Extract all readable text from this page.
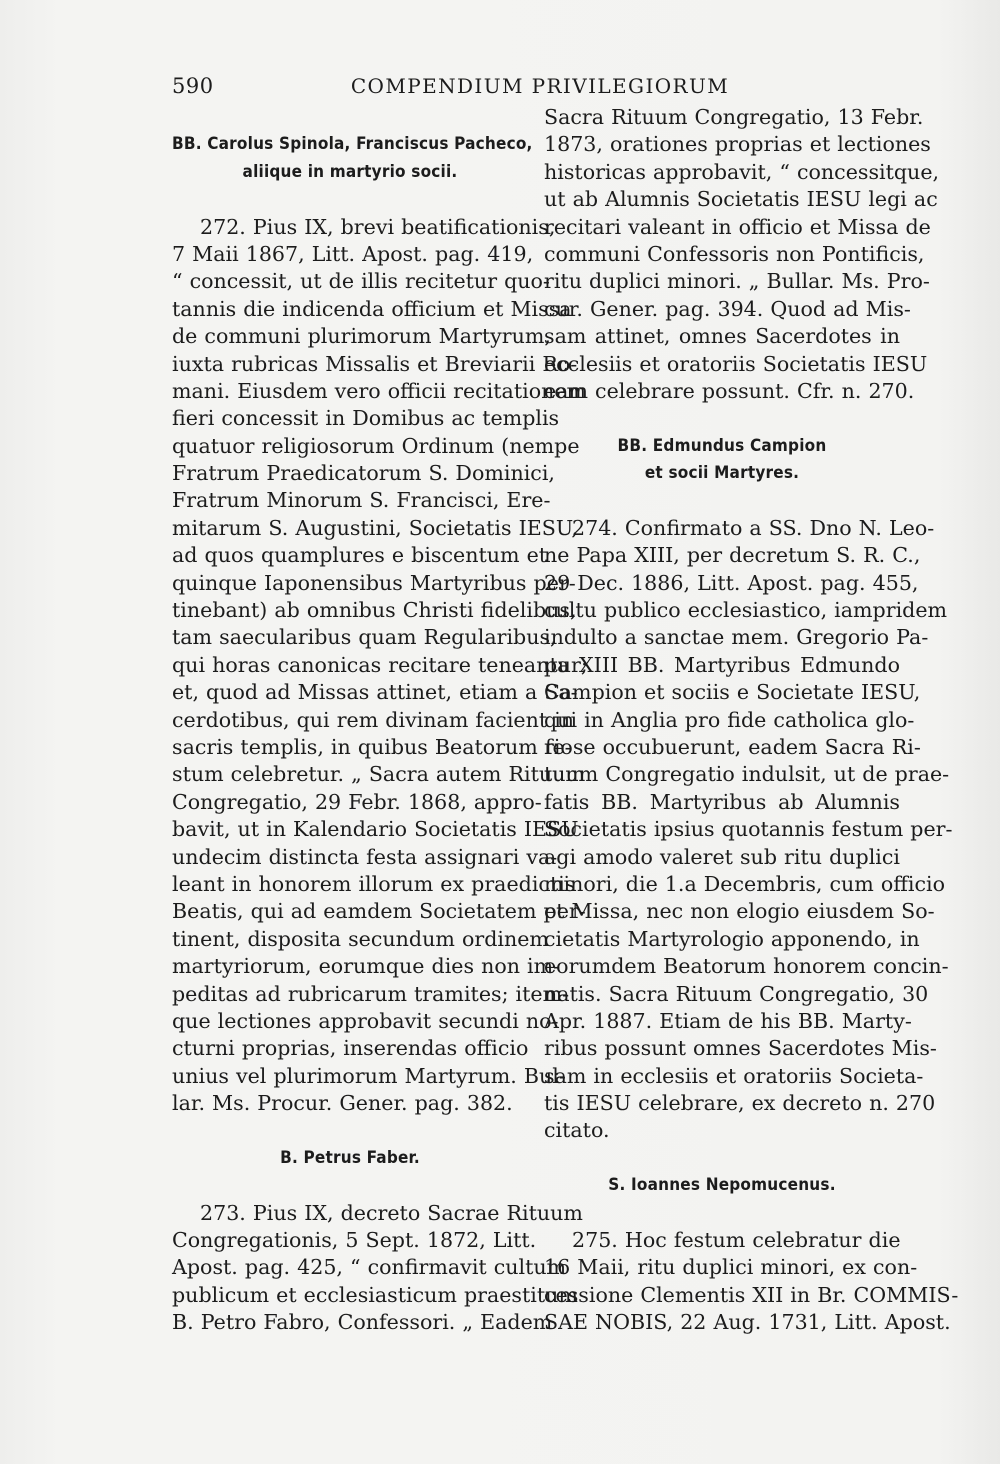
590	COMPENDIUM PRIVILEGIORUM
BB. Carolus Spinola, Franciscus Pacheco,
aliique in martyrio socii.
272. Pius IX, brevi beatificationis,
7 Maii 1867, Litt. Apost. pag. 419,
“ concessit, ut de illis recitetur quo-
tannis die indicenda officium et Missa
de communi plurimorum Martyrum,
iuxta rubricas Missalis et Breviarii Ro-
mani. Eiusdem vero officii recitationem
fieri concessit in Domibus ac templis
quatuor religiosorum Ordinum (nempe
Fratrum Praedicatorum S. Dominici,
Fratrum Minorum S. Francisci, Ere-
mitarum S. Augustini, Societatis IESU,
ad quos quamplures e biscentum et
quinque Iaponensibus Martyribus per-
tinebant) ab omnibus Christi fidelibus,
tam saecularibus quam Regularibus,
qui horas canonicas recitare teneantur;
et, quod ad Missas attinet, etiam a Sa-
cerdotibus, qui rem divinam facient in
sacris templis, in quibus Beatorum fe-
stum celebretur. „ Sacra autem Rituum
Congregatio, 29 Febr. 1868, appro-
bavit, ut in Kalendario Societatis IESU
undecim distincta festa assignari va-
leant in honorem illorum ex praedictis
Beatis, qui ad eamdem Societatem per-
tinent, disposita secundum ordinem
martyriorum, eorumque dies non im-
peditas ad rubricarum tramites; item-
que lectiones approbavit secundi no-
cturni proprias, inserendas officio
unius vel plurimorum Martyrum. Bul-
lar. Ms. Procur. Gener. pag. 382.
B. Petrus Faber.
273. Pius IX, decreto Sacrae Rituum
Congregationis, 5 Sept. 1872, Litt.
Apost. pag. 425, “ confirmavit cultum
publicum et ecclesiasticum praestitum
B. Petro Fabro, Confessori. „ Eadem
Sacra Rituum Congregatio, 13 Febr.
1873, orationes proprias et lectiones
historicas approbavit, “ concessitque,
ut ab Alumnis Societatis IESU legi ac
recitari valeant in officio et Missa de
communi Confessoris non Pontificis,
ritu duplici minori. „ Bullar. Ms. Pro-
cur. Gener. pag. 394. Quod ad Mis-
sam attinet, omnes Sacerdotes in
ecclesiis et oratoriis Societatis IESU
eam celebrare possunt. Cfr. n. 270.
BB. Edmundus Campion
et socii Martyres.
274. Confirmato a SS. Dno N. Leo-
ne Papa XIII, per decretum S. R. C.,
29 Dec. 1886, Litt. Apost. pag. 455,
cultu publico ecclesiastico, iampridem
indulto a sanctae mem. Gregorio Pa-
pa XIII BB. Martyribus Edmundo
Campion et sociis e Societate IESU,
qui in Anglia pro fide catholica glo-
riose occubuerunt, eadem Sacra Ri-
tuum Congregatio indulsit, ut de prae-
fatis BB. Martyribus ab Alumnis
Societatis ipsius quotannis festum per-
agi amodo valeret sub ritu duplici
minori, die 1.a Decembris, cum officio
et Missa, nec non elogio eiusdem So-
cietatis Martyrologio apponendo, in
eorumdem Beatorum honorem concin-
natis. Sacra Rituum Congregatio, 30
Apr. 1887. Etiam de his BB. Marty-
ribus possunt omnes Sacerdotes Mis-
sam in ecclesiis et oratoriis Societa-
tis IESU celebrare, ex decreto n. 270
citato.
S. Ioannes Nepomucenus.
275. Hoc festum celebratur die
16 Maii, ritu duplici minori, ex con-
cessione Clementis XII in Br. COMMIS-
SAE NOBIS, 22 Aug. 1731, Litt. Apost.
